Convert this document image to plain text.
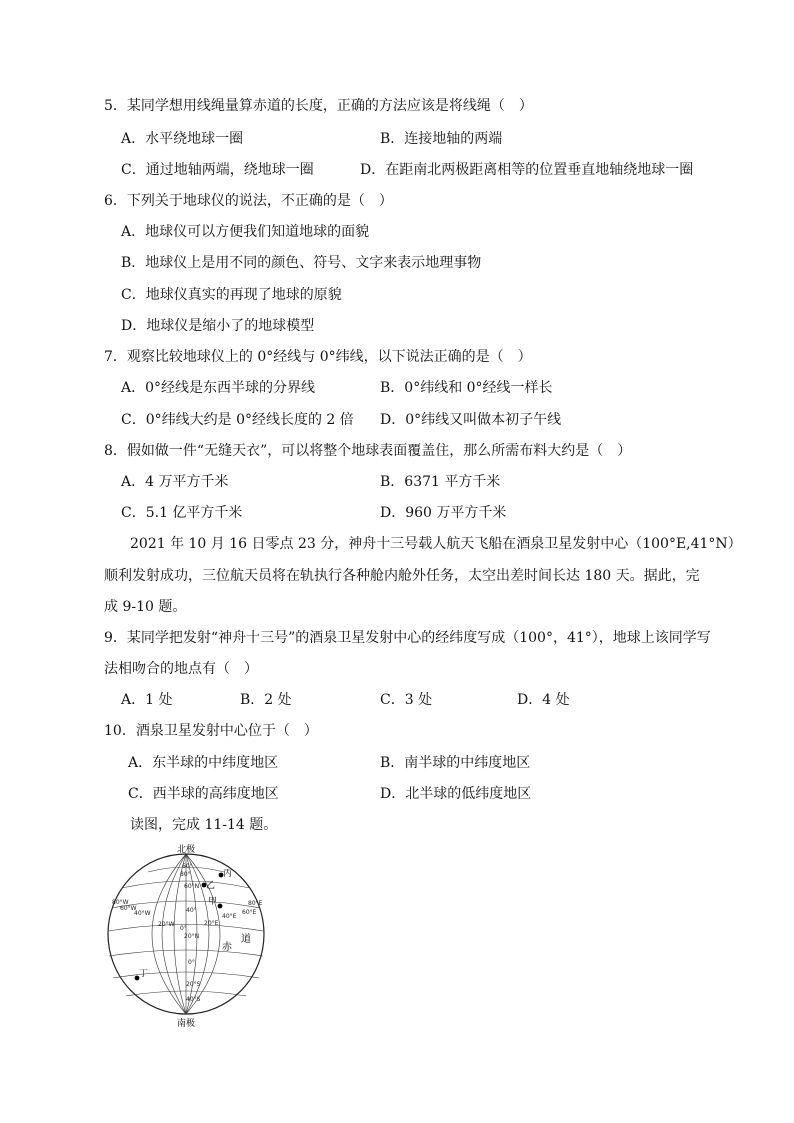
5．某同学想用线绳量算赤道的长度，正确的方法应该是将线绳（　）
A．水平绕地球一圈	B．连接地轴的两端
C．通过地轴两端，绕地球一圈	D．在距南北两极距离相等的位置垂直地轴绕地球一圈
6．下列关于地球仪的说法，不正确的是（　）
A．地球仪可以方便我们知道地球的面貌
B．地球仪上是用不同的颜色、符号、文字来表示地理事物
C．地球仪真实的再现了地球的原貌
D．地球仪是缩小了的地球模型
7．观察比较地球仪上的 0°经线与 0°纬线，以下说法正确的是（　）
A．0°经线是东西半球的分界线	B．0°纬线和 0°经线一样长
C．0°纬线大约是 0°经线长度的 2 倍 D．0°纬线又叫做本初子午线
8．假如做一件“无缝天衣”，可以将整个地球表面覆盖住，那么所需布料大约是（　）
A．4 万平方千米	B．6371 平方千米
C．5.1 亿平方千米	D．960 万平方千米
2021 年 10 月 16 日零点 23 分，神舟十三号载人航天飞船在酒泉卫星发射中心（100°E,41°N）
顺利发射成功，三位航天员将在轨执行各种舱内舱外任务，太空出差时间长达 180 天。据此，完
成 9-10 题。
9．某同学把发射“神舟十三号”的酒泉卫星发射中心的经纬度写成（100°，41°），地球上该同学写
法相吻合的地点有（　）
A．1 处	B．2 处	C．3 处	D．4 处
10．酒泉卫星发射中心位于（　）
A．东半球的中纬度地区	B．南半球的中纬度地区
C．西半球的高纬度地区	D．北半球的低纬度地区
读图，完成 11-14 题。
北极
80°
60°N
40°
20°N
0°
20°S
40°S
60°
80°W
60°W
40°W
20°W
0°
20°E
40°E
60°E
80°E
丙
乙
甲
丁
赤
道
南极
